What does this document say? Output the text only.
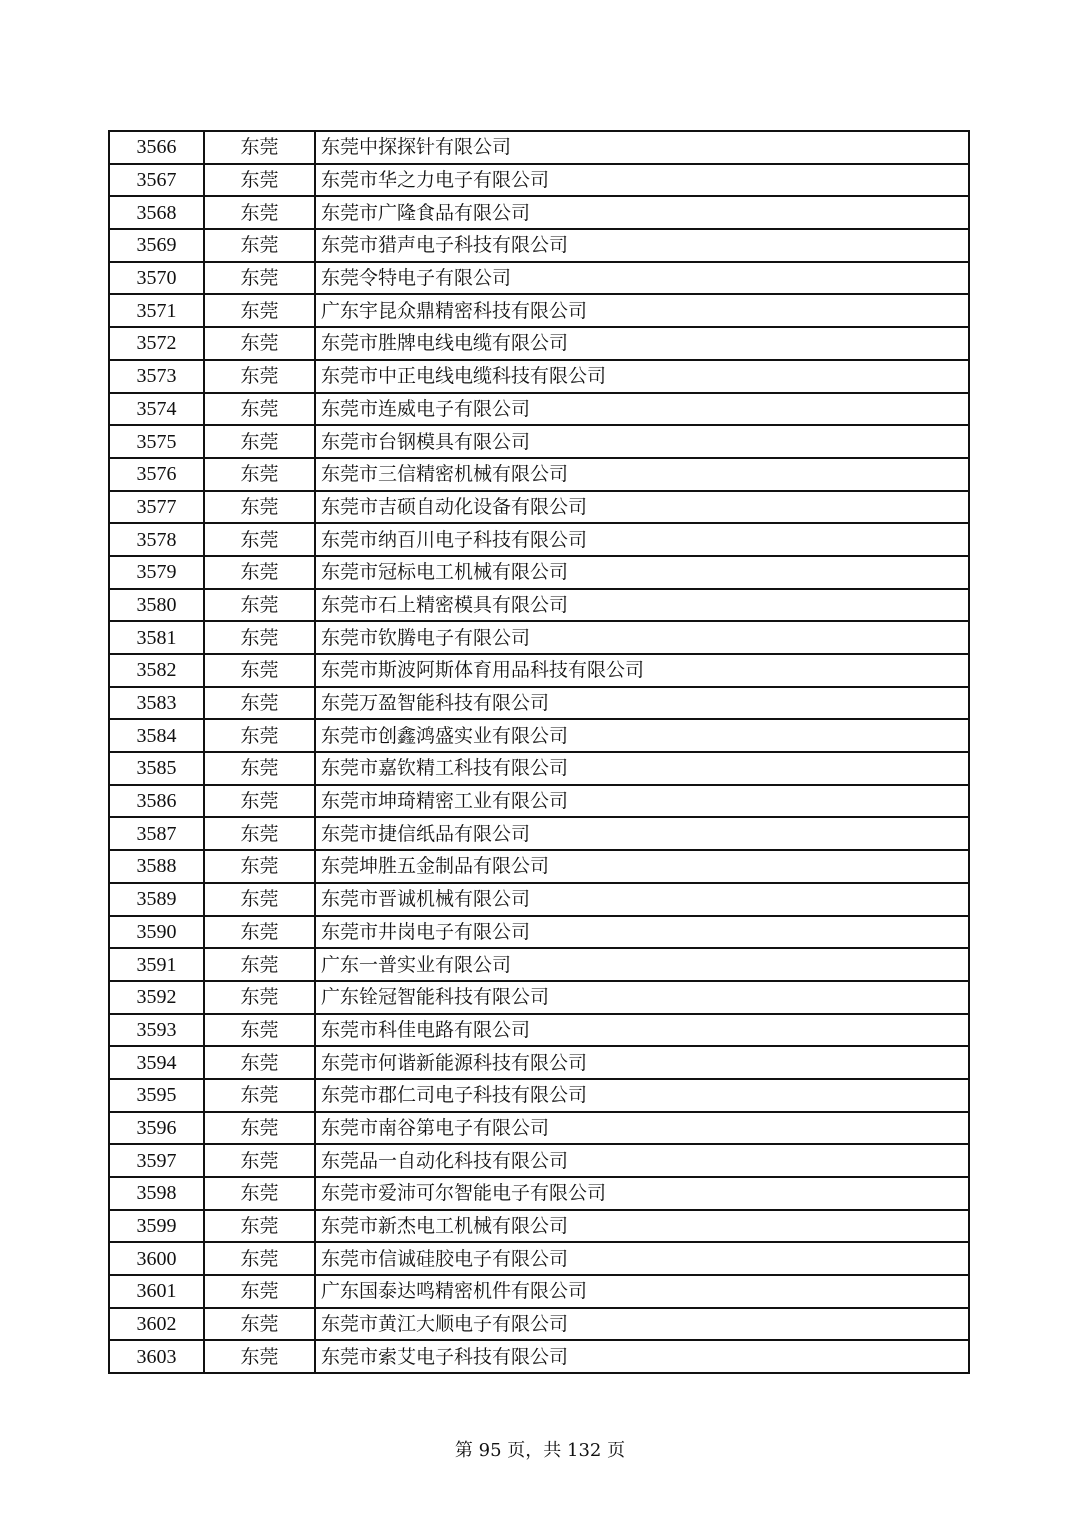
3566	东莞	东莞中探探针有限公司
3567	东莞	东莞市华之力电子有限公司
3568	东莞	东莞市广隆食品有限公司
3569	东莞	东莞市猎声电子科技有限公司
3570	东莞	东莞令特电子有限公司
3571	东莞	广东宇昆众鼎精密科技有限公司
3572	东莞	东莞市胜牌电线电缆有限公司
3573	东莞	东莞市中正电线电缆科技有限公司
3574	东莞	东莞市连威电子有限公司
3575	东莞	东莞市台钢模具有限公司
3576	东莞	东莞市三信精密机械有限公司
3577	东莞	东莞市吉硕自动化设备有限公司
3578	东莞	东莞市纳百川电子科技有限公司
3579	东莞	东莞市冠标电工机械有限公司
3580	东莞	东莞市石上精密模具有限公司
3581	东莞	东莞市钦腾电子有限公司
3582	东莞	东莞市斯波阿斯体育用品科技有限公司
3583	东莞	东莞万盈智能科技有限公司
3584	东莞	东莞市创鑫鸿盛实业有限公司
3585	东莞	东莞市嘉钦精工科技有限公司
3586	东莞	东莞市坤琦精密工业有限公司
3587	东莞	东莞市捷信纸品有限公司
3588	东莞	东莞坤胜五金制品有限公司
3589	东莞	东莞市晋诚机械有限公司
3590	东莞	东莞市井岗电子有限公司
3591	东莞	广东一普实业有限公司
3592	东莞	广东铨冠智能科技有限公司
3593	东莞	东莞市科佳电路有限公司
3594	东莞	东莞市何谐新能源科技有限公司
3595	东莞	东莞市郡仁司电子科技有限公司
3596	东莞	东莞市南谷第电子有限公司
3597	东莞	东莞品一自动化科技有限公司
3598	东莞	东莞市爱沛可尔智能电子有限公司
3599	东莞	东莞市新杰电工机械有限公司
3600	东莞	东莞市信诚硅胶电子有限公司
3601	东莞	广东国泰达鸣精密机件有限公司
3602	东莞	东莞市黄江大顺电子有限公司
3603	东莞	东莞市索艾电子科技有限公司
第 95 页，共 132 页
